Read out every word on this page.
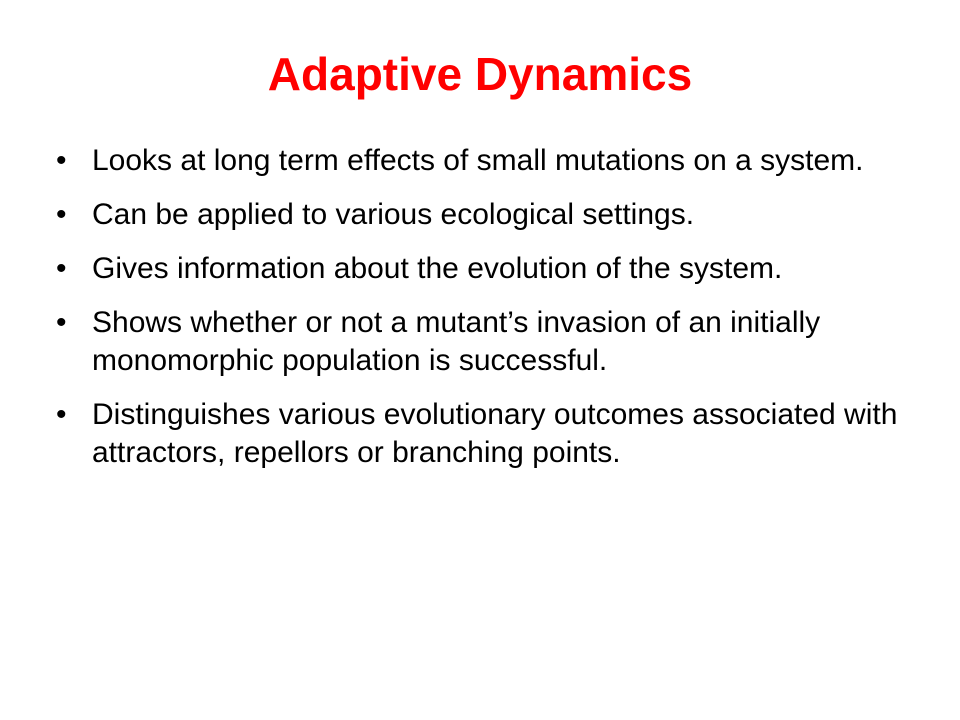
Adaptive Dynamics
• Looks at long term effects of small mutations on a system.
• Can be applied to various ecological settings.
• Gives information about the evolution of the system.
• Shows whether or not a mutant’s invasion of an initially monomorphic population is successful.
• Distinguishes various evolutionary outcomes associated with attractors, repellors or branching points.
